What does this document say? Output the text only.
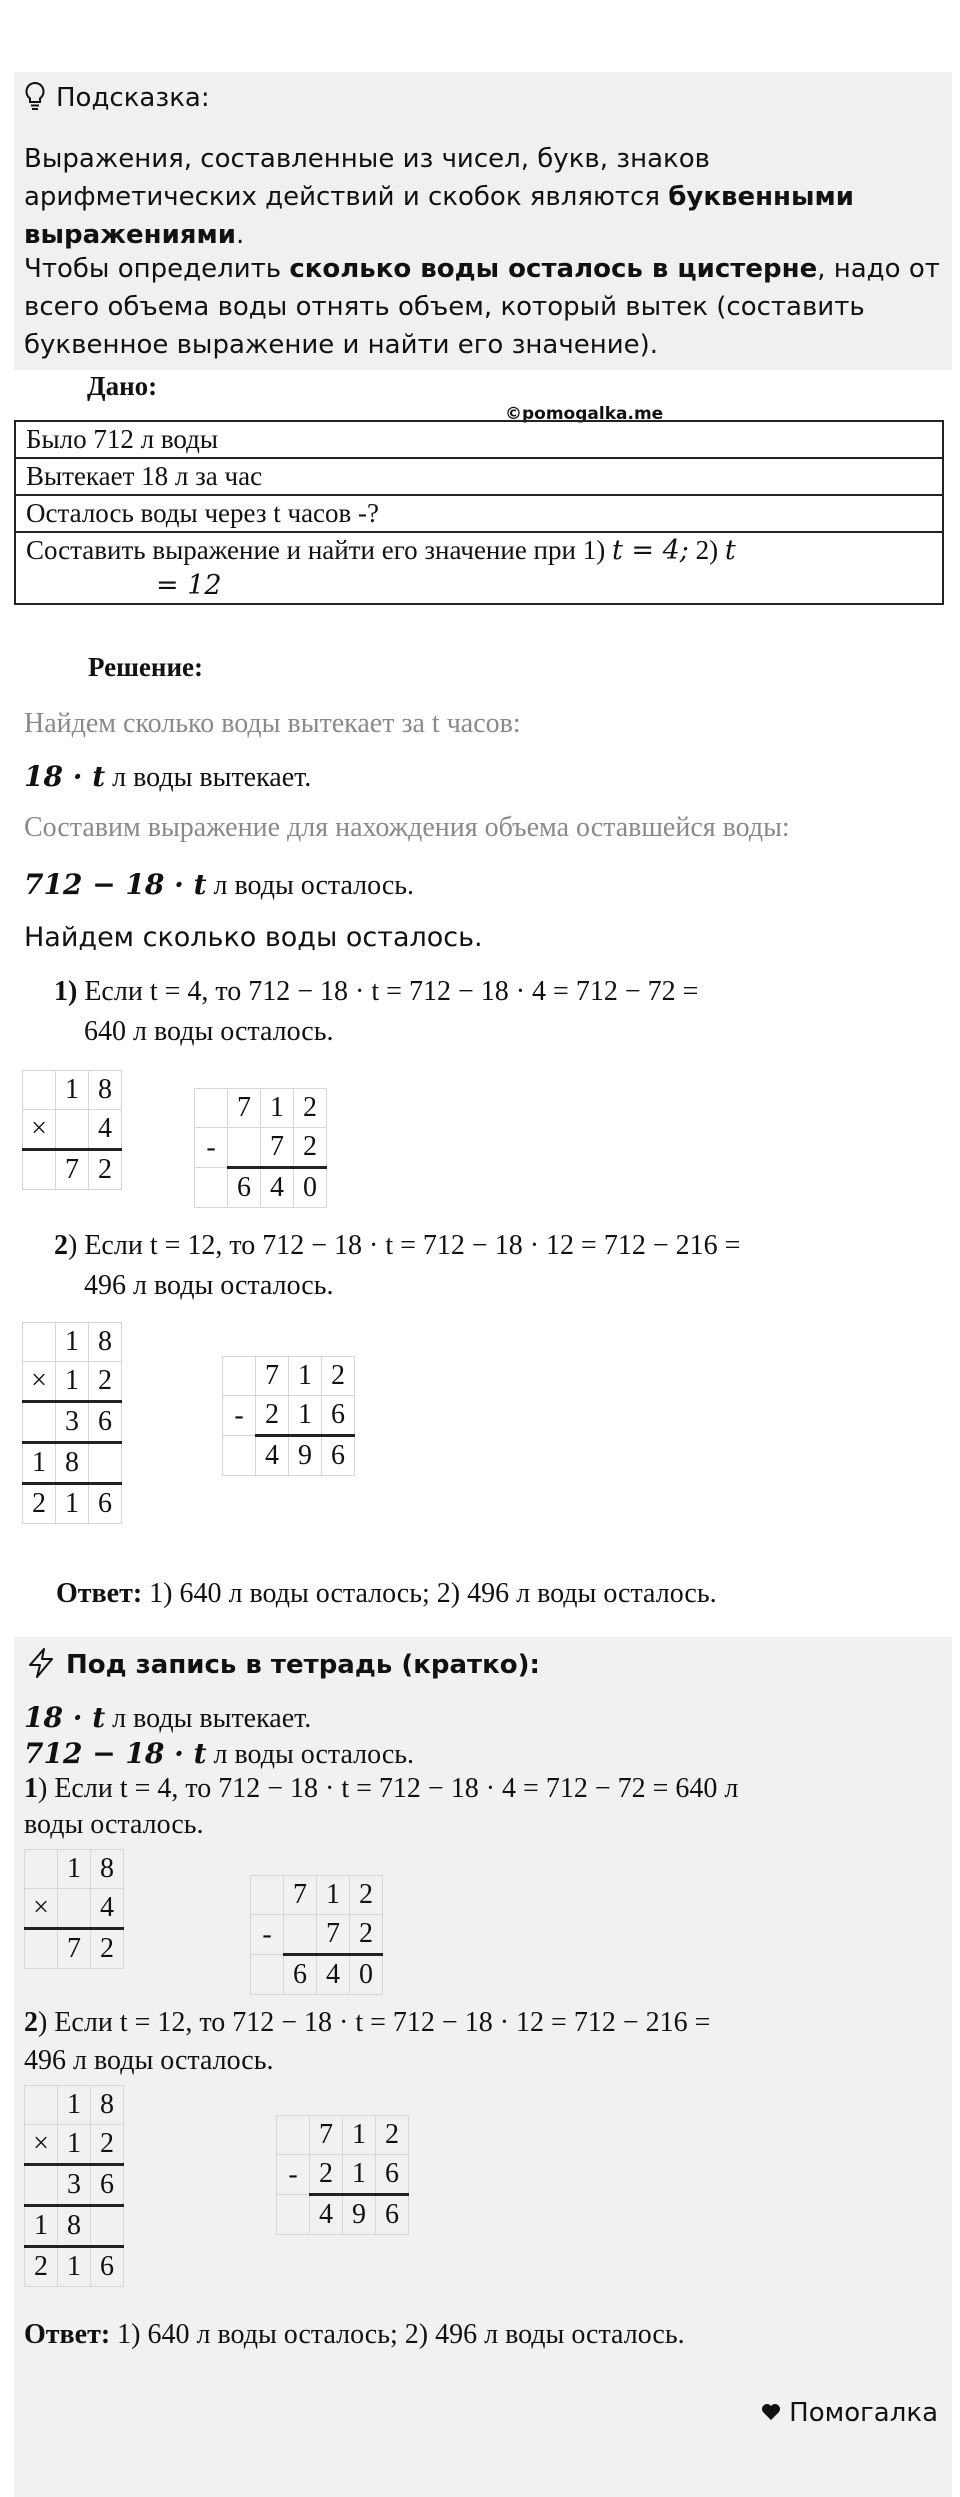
Подсказка:

Выражения, составленные из чисел, букв, знаков арифметических действий и скобок являются буквенными выражениями.

Чтобы определить сколько воды осталось в цистерне, надо от всего объема воды отнять объем, который вытек (составить буквенное выражение и найти его значение).

Дано:
©pomogalka.me
Было 712 л воды
Вытекает 18 л за час
Осталось воды через t часов -?
Составить выражение и найти его значение при 1) t = 4; 2) t
= 12
Решение:
Найдем сколько воды вытекает за t часов:
18 · t л воды вытекает.
Составим выражение для нахождения объема оставшейся воды:
712 − 18 · t л воды осталось.
Найдем сколько воды осталось.
1) Если t = 4, то 712 − 18 · t = 712 − 18 · 4 = 712 − 72 =
640 л воды осталось.
	1	8
×		4
	7	2
	7	1	2
-		7	2
	6	4	0
2) Если t = 12, то 712 − 18 · t = 712 − 18 · 12 = 712 − 216 =
496 л воды осталось.
	1	8
×	1	2
	3	6
1	8	
2	1	6
	7	1	2
-	2	1	6
	4	9	6
Ответ: 1) 640 л воды осталось; 2) 496 л воды осталось.
Под запись в тетрадь (кратко):
18 · t л воды вытекает.
712 − 18 · t л воды осталось.
1) Если t = 4, то 712 − 18 · t = 712 − 18 · 4 = 712 − 72 = 640 л
воды осталось.
	1	8
×		4
	7	2
	7	1	2
-		7	2
	6	4	0
2) Если t = 12, то 712 − 18 · t = 712 − 18 · 12 = 712 − 216 =
496 л воды осталось.
	1	8
×	1	2
	3	6
1	8	
2	1	6
	7	1	2
-	2	1	6
	4	9	6
Ответ: 1) 640 л воды осталось; 2) 496 л воды осталось.
Помогалка
